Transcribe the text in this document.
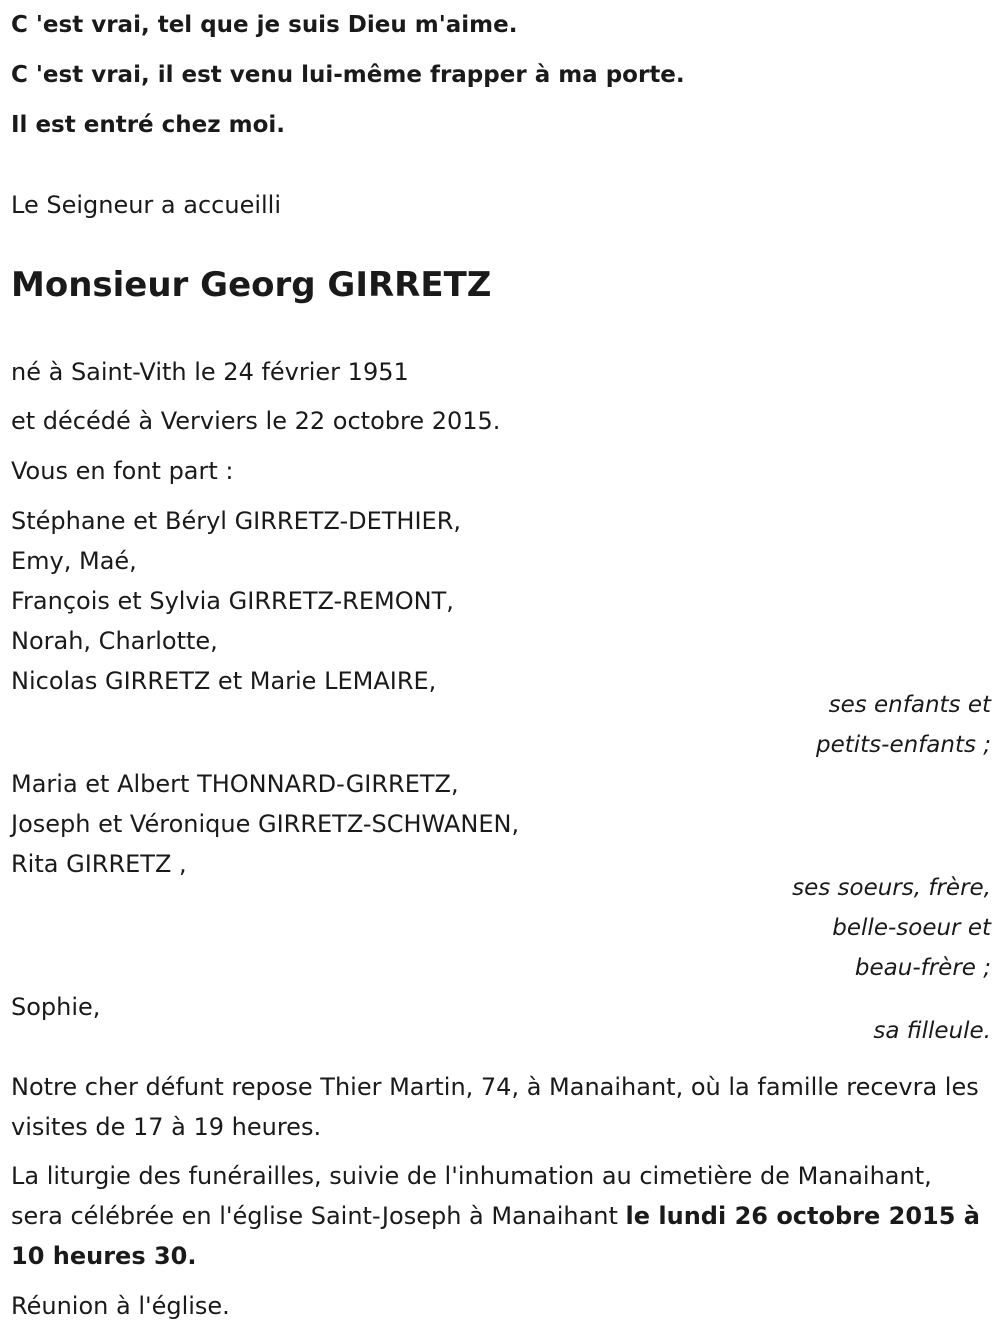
C 'est vrai, tel que je suis Dieu m'aime.
C 'est vrai, il est venu lui-même frapper à ma porte.
Il est entré chez moi.
Le Seigneur a accueilli
Monsieur Georg GIRRETZ
né à Saint-Vith le 24 février 1951
et décédé à Verviers le 22 octobre 2015.
Vous en font part :
Stéphane et Béryl GIRRETZ-DETHIER,
Emy, Maé,
François et Sylvia GIRRETZ-REMONT,
Norah, Charlotte,
Nicolas GIRRETZ et Marie LEMAIRE,
ses enfants et
petits-enfants ;
Maria et Albert THONNARD-GIRRETZ,
Joseph et Véronique GIRRETZ-SCHWANEN,
Rita GIRRETZ ,
ses soeurs, frère,
belle-soeur et
beau-frère ;
Sophie,
sa filleule.
Notre cher défunt repose Thier Martin, 74, à Manaihant, où la famille recevra les visites de 17 à 19 heures.
La liturgie des funérailles, suivie de l'inhumation au cimetière de Manaihant, sera célébrée en l'église Saint-Joseph à Manaihant le lundi 26 octobre 2015 à 10 heures 30.
Réunion à l'église.
